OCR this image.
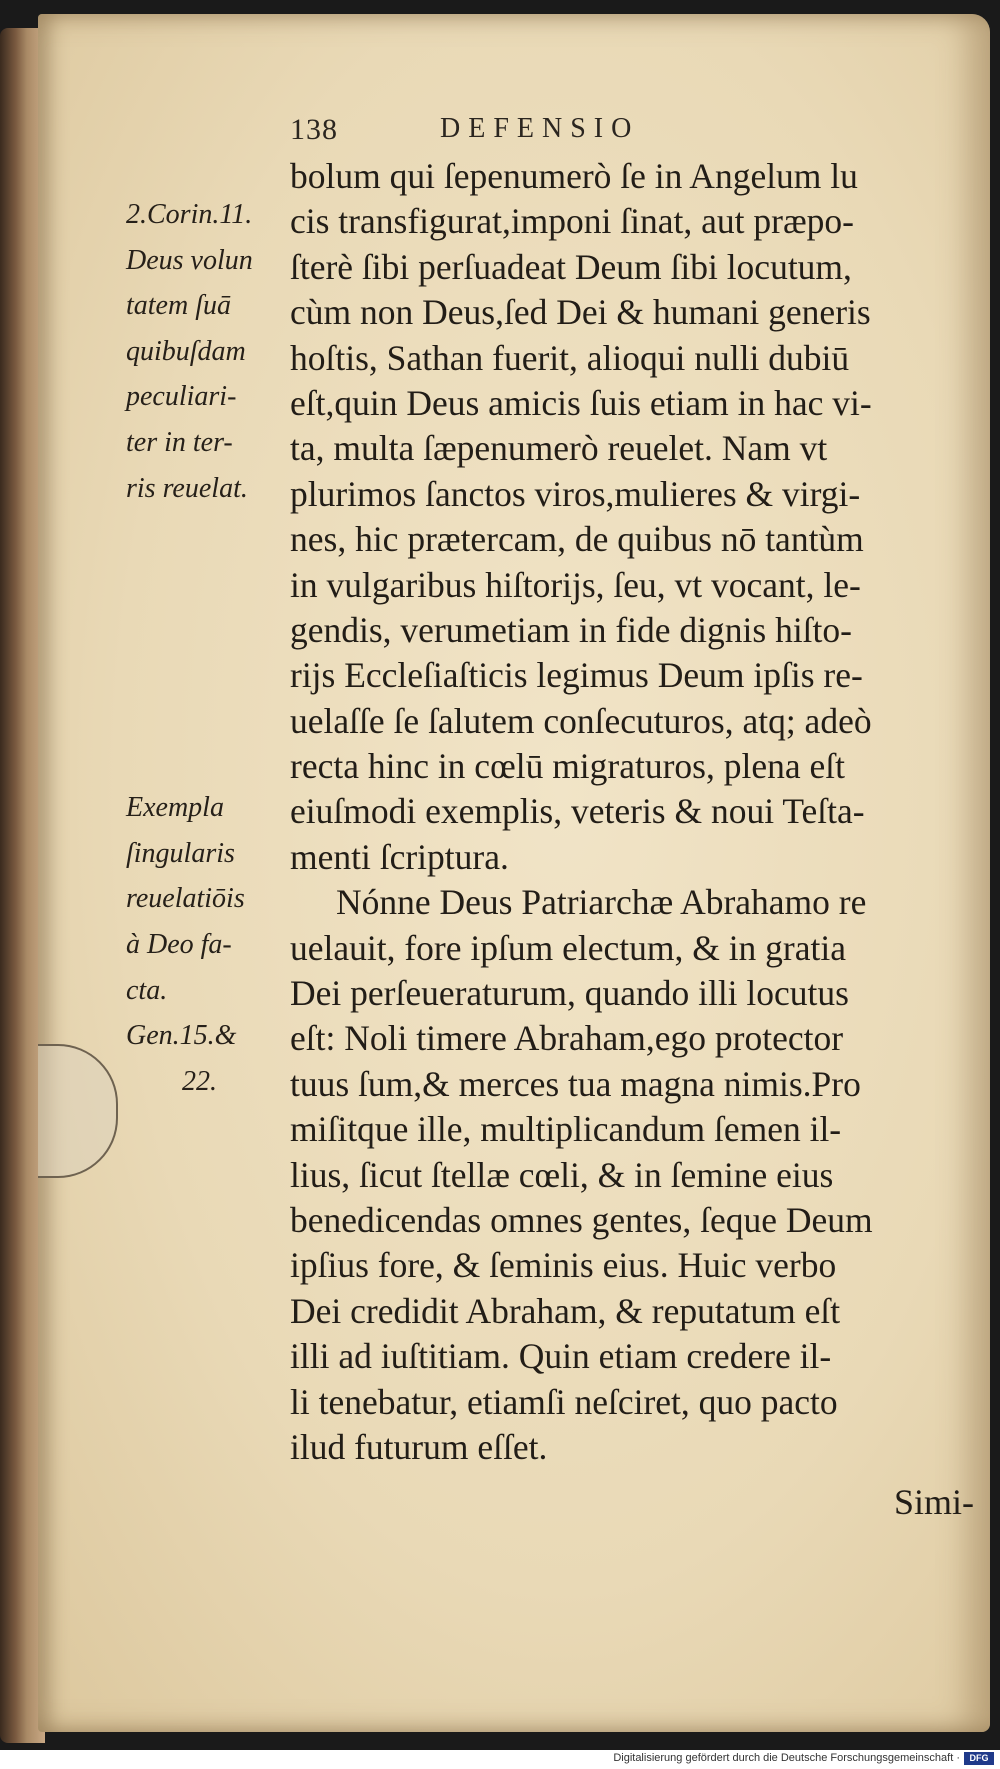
138	DEFENSIO
2.Corin.11.
Deus volun
tatem ſuā
quibuſdam
peculiari-
ter in ter-
ris reuelat.
Exempla
ſingularis
reuelatiōis
à Deo fa-
cta.
Gen.15.&
22.
bolum qui ſepenumerò ſe in Angelum lu
cis transfigurat,imponi ſinat, aut præpo-
ſterè ſibi perſuadeat Deum ſibi locutum,
cùm non Deus,ſed Dei & humani generis
hoſtis, Sathan fuerit, alioqui nulli dubiū
eſt,quin Deus amicis ſuis etiam in hac vi-
ta, multa ſæpenumerò reuelet. Nam vt
plurimos ſanctos viros,mulieres & virgi-
nes, hic prætercam, de quibus nō tantùm
in vulgaribus hiſtorijs, ſeu, vt vocant, le-
gendis, verumetiam in fide dignis hiſto-
rijs Eccleſiaſticis legimus Deum ipſis re-
uelaſſe ſe ſalutem conſecuturos, atq; adeò
recta hinc in cœlū migraturos, plena eſt
eiuſmodi exemplis, veteris & noui Teſta-
menti ſcriptura.
Nónne Deus Patriarchæ Abrahamo re
uelauit, fore ipſum electum, & in gratia
Dei perſeueraturum, quando illi locutus
eſt: Noli timere Abraham,ego protector
tuus ſum,& merces tua magna nimis.Pro
miſitque ille, multiplicandum ſemen il-
lius, ſicut ſtellæ cœli, & in ſemine eius
benedicendas omnes gentes, ſeque Deum
ipſius fore, & ſeminis eius. Huic verbo
Dei credidit Abraham, & reputatum eſt
illi ad iuſtitiam. Quin etiam credere il-
li tenebatur, etiamſi neſciret, quo pacto
ilud futurum eſſet.
Simi-
Digitalisierung gefördert durch die Deutsche Forschungsgemeinschaft ·	DFG
